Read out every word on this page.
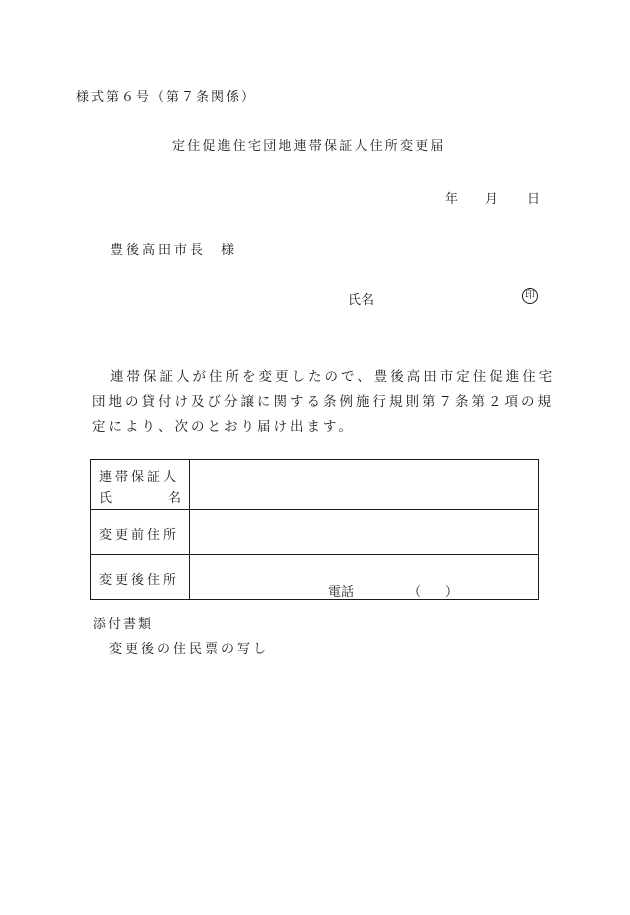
様式第６号（第７条関係）
定住促進住宅団地連帯保証人住所変更届
年 月 日
豊後高田市長 様
氏名	印
連帯保証人が住所を変更したので、豊後高田市定住促進住宅
団地の貸付け及び分譲に関する条例施行規則第７条第２項の規
定により、次のとおり届け出ます。
連帯保証人
氏 名	

変更前住所	

変更後住所	電話 （ ）
添付書類
変更後の住民票の写し
